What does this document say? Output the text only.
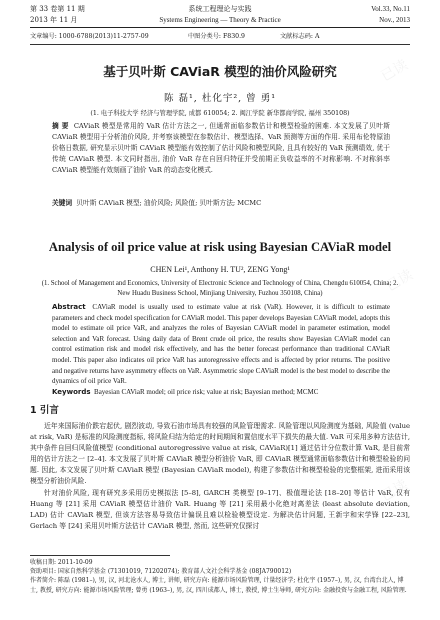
第 33 卷第 11 期
2013 年 11 月
系统工程理论与实践
Systems Engineering — Theory & Practice
Vol.33, No.11
Nov., 2013
文章编号: 1000-6788(2013)11-2757-09	中图分类号: F830.9	文献标志码: A
基于贝叶斯 CAViaR 模型的油价风险研究
陈 磊¹, 杜化宇², 曾 勇¹
(1. 电子科技大学 经济与管理学院, 成都 610054; 2. 闽江学院 新华都商学院, 福州 350108)
摘 要 CAViaR 模型是常用的 VaR 估计方法之一, 但通常面临参数估计和模型检验的困难. 本文发展了贝叶斯 CAViaR 模型用于分析油价风险, 并考察该模型在参数估计、模型选择、VaR 预测等方面的作用. 采用布伦特原油价格日数据, 研究显示贝叶斯 CAViaR 模型能有效控制了估计风险和模型风险, 且具有较好的 VaR 预测绩效, 优于传统 CAViaR 模型. 本文同时指出, 油价 VaR 存在自回归特征并受前期正负收益率的不对称影响. 不对称斜率 CAViaR 模型能有效刻画了油价 VaR 的动态变化模式.
关键词 贝叶斯 CAViaR 模型; 油价风险; 风险值; 贝叶斯方法; MCMC
Analysis of oil price value at risk using Bayesian CAViaR model
CHEN Lei¹, Anthony H. TU², ZENG Yong¹
(1. School of Management and Economics, University of Electronic Science and Technology of China, Chengdu 610054, China; 2. New Huadu Business School, Minjiang University, Fuzhou 350108, China)
Abstract CAViaR model is usually used to estimate value at risk (VaR). However, it is difficult to estimate parameters and check model specification for CAViaR model. This paper develops Bayesian CAViaR model, adopts this model to estimate oil price VaR, and analyzes the roles of Bayesian CAViaR model in parameter estimation, model selection and VaR forecast. Using daily data of Brent crude oil price, the results show Bayesian CAViaR model can control estimation risk and model risk effectively, and has the better forecast performance than traditional CAViaR model. This paper also indicates oil price VaR has autoregressive effects and is affected by prior returns. The positive and negative returns have asymmetry effects on VaR. Asymmetric slope CAViaR model is the best model to describe the dynamics of oil price VaR.
Keywords Bayesian CAViaR model; oil price risk; value at risk; Bayesian method; MCMC
1 引言

近年来国际油价跌宕起伏, 剧烈波动, 导致石油市场具有较强的风险管理需求. 风险管理以风险测度为基础, 风险值 (value at risk, VaR) 是标准的风险测度指标, 将风险归结为给定的时间期间和置信度水平下损失的最大值. VaR 可采用多种方法估计, 其中条件自回归风险值模型 (conditional autoregressive value at risk, CAViaR)[1] 通过估计分位数计算 VaR, 是目前常用的估计方法之一 [2–4]. 本文发展了贝叶斯 CAViaR 模型分析油价 VaR, 即 CAViaR 模型通常面临参数估计和模型检验的问题. 因此, 本文发展了贝叶斯 CAViaR 模型 (Bayesian CAViaR model), 构建了参数估计和模型检验的完整框架, 进而采用该模型分析油价风险.

针对油价风险, 现有研究多采用历史模拟法 [5–8], GARCH 类模型 [9–17]、极值理论法 [18–20] 等估计 VaR, 仅有 Huang 等 [21] 采用 CAViaR 模型估计油价 VaR. Huang 等 [21] 采用最小化绝对离差法 (least absolute deviation, LAD) 估计 CAViaR 模型, 但该方法容易导致估计偏误且难以检验模型设定. 为解决估计问题, 王新宇和宋学锋 [22–23], Gerlach 等 [24] 采用贝叶斯方法估计 CAViaR 模型, 然而, 这些研究仅探讨

收稿日期: 2011-10-09
资助项目: 国家自然科学基金 (71301019, 71202074); 教育部人文社会科学基金 (08JA790012)
作者简介: 陈磊 (1981–), 男, 汉, 河北沧水人, 博士, 讲师, 研究方向: 能源市场风险管理, 计量经济学; 杜化宇 (1957–), 男, 汉, 台湾台北人, 博士, 教授, 研究方向: 能源市场风险管理; 曾勇 (1963–), 男, 汉, 四川成都人, 博士, 教授, 博士生导师, 研究方向: 金融投资与金融工程, 风险管理.
已读
已读
已读
